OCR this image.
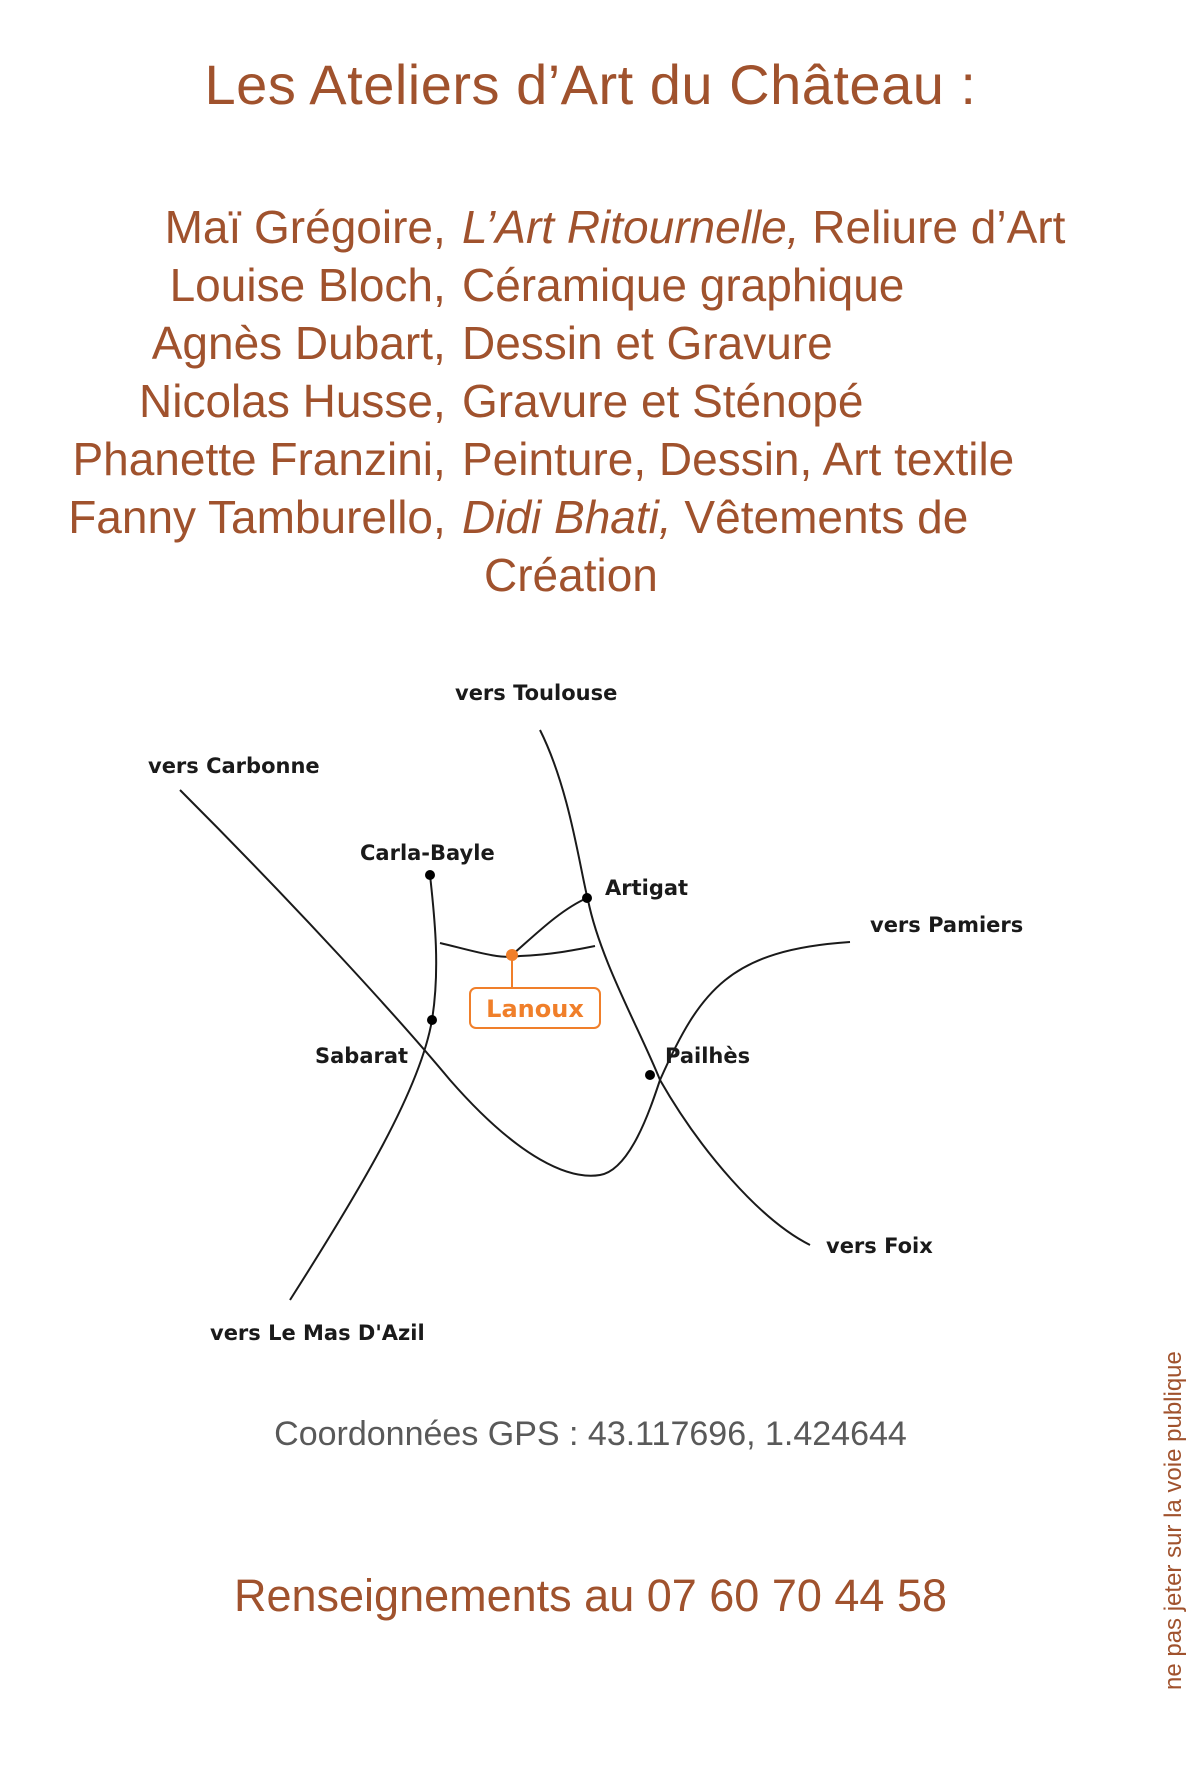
Les Ateliers d’Art du Château :
Maï Grégoire , L’Art Ritournelle, Reliure d’Art
Louise Bloch , Céramique graphique
Agnès Dubart , Dessin et Gravure
Nicolas Husse , Gravure et Sténopé
Phanette Franzini , Peinture, Dessin, Art textile
Fanny Tamburello , Didi Bhati, Vêtements de
Création
Lanoux
vers Toulouse
vers Carbonne
Carla-Bayle
Artigat
vers Pamiers
Sabarat	Pailhès
vers Foix
vers Le Mas D'Azil
Coordonnées GPS : 43.117696, 1.424644
Renseignements au 07 60 70 44 58	ne pas jeter sur la voie publique
